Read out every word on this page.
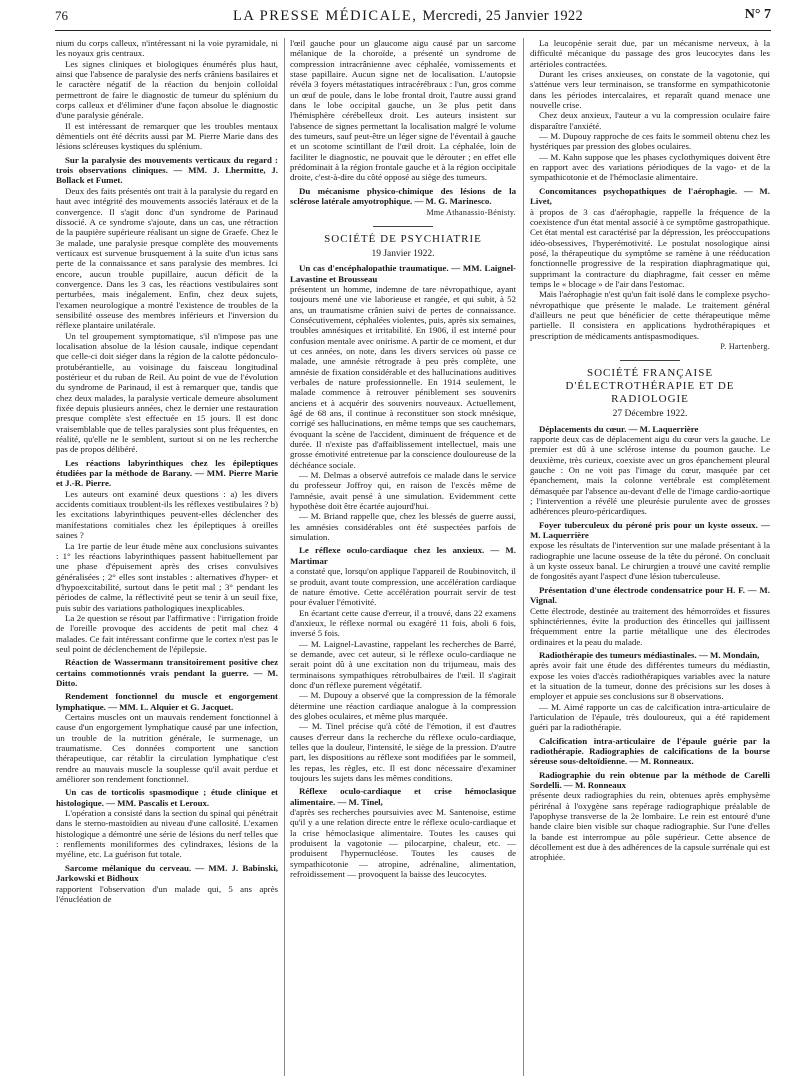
76	LA PRESSE MÉDICALE, Mercredi, 25 Janvier 1922	N° 7

nium du corps calleux, n'intéressant ni la voie pyramidale, ni les noyaux gris centraux.

Les signes cliniques et biologiques énumérés plus haut, ainsi que l'absence de paralysie des nerfs crâniens basilaires et le caractère négatif de la réaction du benjoin colloïdal permettront de faire le diagnostic de tumeur du splénium du corps calleux et d'éliminer d'une façon absolue le diagnostic d'une paralysie générale.

Il est intéressant de remarquer que les troubles mentaux démentiels ont été décrits aussi par M. Pierre Marie dans des lésions scléreuses kystiques du splénium.

Sur la paralysie des mouvements verticaux du regard : trois observations cliniques. — MM. J. Lhermitte, J. Bollack et Fumet.

Deux des faits présentés ont trait à la paralysie du regard en haut avec intégrité des mouvements associés latéraux et de la convergence. Il s'agit donc d'un syndrome de Parinaud dissocié. A ce syndrome s'ajoute, dans un cas, une rétraction de la paupière supérieure réalisant un signe de Graefe. Chez le 3e malade, une paralysie presque complète des mouvements verticaux est survenue brusquement à la suite d'un ictus sans perte de la connaissance et sans paralysie des membres. Ici encore, aucun trouble pupillaire, aucun déficit de la convergence. Dans les 3 cas, les réactions vestibulaires sont perturbées, mais inégalement. Enfin, chez deux sujets, l'examen neurologique a montré l'existence de troubles de la sensibilité osseuse des membres inférieurs et l'inversion du réflexe plantaire unilatérale.

Un tel groupement symptomatique, s'il n'impose pas une localisation absolue de la lésion causale, indique cependant que celle-ci doit siéger dans la région de la calotte pédonculo-protubérantielle, au voisinage du faisceau longitudinal postérieur et du ruban de Reil. Au point de vue de l'évolution du syndrome de Parinaud, il est à remarquer que, tandis que chez deux malades, la paralysie verticale demeure absolument fixée depuis plusieurs années, chez le dernier une restauration presque complète s'est effectuée en 15 jours. Il est donc vraisemblable que de telles paralysies sont plus fréquentes, en réalité, qu'elle ne le semblent, surtout si on ne les recherche pas de propos délibéré.

Les réactions labyrinthiques chez les épileptiques étudiées par la méthode de Barany. — MM. Pierre Marie et J.-R. Pierre.

Les auteurs ont examiné deux questions : a) les divers accidents comitiaux troublent-ils les réflexes vestibulaires ? b) les excitations labyrinthiques peuvent-elles déclencher des manifestations comitiales chez les épileptiques à oreilles saines ?

La 1re partie de leur étude mène aux conclusions suivantes : 1° les réactions labyrinthiques passent habituellement par une phase d'épuisement après des crises convulsives généralisées ; 2° elles sont instables : alternatives d'hyper- et d'hypoexcitabilité, surtout dans le petit mal ; 3° pendant les périodes de calme, la réflectivité peut se tenir à un seuil fixe, puis subir des variations pathologiques inexplicables.

La 2e question se résout par l'affirmative : l'irrigation froide de l'oreille provoque des accidents de petit mal chez 4 malades. Ce fait intéressant confirme que le cortex n'est pas le seul point de déclenchement de l'épilepsie.

Réaction de Wassermann transitoirement positive chez certains commotionnés vrais pendant la guerre. — M. Ditto.

Rendement fonctionnel du muscle et engorgement lymphatique. — MM. L. Alquier et G. Jacquet.

Certains muscles ont un mauvais rendement fonctionnel à cause d'un engorgement lymphatique causé par une infection, un trouble de la nutrition générale, le surmenage, un traumatisme. Ces données comportent une sanction thérapeutique, car rétablir la circulation lymphatique c'est rendre au mauvais muscle la souplesse qu'il avait perdue et améliorer son rendement fonctionnel.

Un cas de torticolis spasmodique ; étude clinique et histologique. — MM. Pascalis et Leroux.

L'opération a consisté dans la section du spinal qui pénétrait dans le sterno-mastoïdien au niveau d'une callosité. L'examen histologique a démontré une série de lésions du nerf telles que : renflements moniliformes des cylindraxes, lésions de la myéline, etc. La guérison fut totale.

Sarcome mélanique du cerveau. — MM. J. Babinski, Jarkowski et Bidhoux

rapportent l'observation d'un malade qui, 5 ans après l'énucléation de

l'œil gauche pour un glaucome aigu causé par un sarcome mélanique de la choroïde, a présenté un syndrome de compression intracrânienne avec céphalée, vomissements et stase papillaire. Aucun signe net de localisation. L'autopsie révéla 3 foyers métastatiques intracérébraux : l'un, gros comme un œuf de poule, dans le lobe frontal droit, l'autre aussi grand dans le lobe occipital gauche, un 3e plus petit dans l'hémisphère cérébelleux droit. Les auteurs insistent sur l'absence de signes permettant la localisation malgré le volume des tumeurs, sauf peut-être un léger signe de l'éventail à gauche et un scotome scintillant de l'œil droit. La céphalée, loin de faciliter le diagnostic, ne pouvait que le dérouter ; en effet elle prédominait à la région frontale gauche et à la région occipitale droite, c'est-à-dire du côté opposé au siège des tumeurs.

Du mécanisme physico-chimique des lésions de la sclérose latérale amyotrophique. — M. G. Marinesco.

Mme Athanassio-Bénisty.
SOCIÉTÉ DE PSYCHIATRIE
19 Janvier 1922.

Un cas d'encéphalopathie traumatique. — MM. Laignel-Lavastine et Brousseau

présentent un homme, indemne de tare névropathique, ayant toujours mené une vie laborieuse et rangée, et qui subit, à 52 ans, un traumatisme crânien suivi de pertes de connaissance. Consécutivement, céphalées violentes, puis, après six semaines, troubles amnésiques et irritabilité. En 1906, il est interné pour confusion mentale avec onirisme. A partir de ce moment, et dur ut ces années, on note, dans les divers services où passe ce malade, une amnésie rétrograde à peu près complète, une amnésie de fixation considérable et des hallucinations auditives verbales de nature professionnelle. En 1914 seulement, le malade commence à retrouver péniblement ses souvenirs anciens et à acquérir des souvenirs nouveaux. Actuellement, âgé de 68 ans, il continue à reconstituer son stock mnésique, corrigé ses hallucinations, en même temps que ses cauchemars, évoquant la scène de l'accident, diminuent de fréquence et de durée. Il n'existe pas d'affaiblissement intellectuel, mais une grosse émotivité entretenue par la conscience douloureuse de la déchéance sociale.

— M. Delmas a observé autrefois ce malade dans le service du professeur Joffroy qui, en raison de l'excès même de l'amnésie, avait pensé à une simulation. Evidemment cette hypothèse doit être écartée aujourd'hui.

— M. Briand rappelle que, chez les blessés de guerre aussi, les amnésies considérables ont été suspectées parfois de simulation.

Le réflexe oculo-cardiaque chez les anxieux. — M. Martimar

a constaté que, lorsqu'on applique l'appareil de Roubinovitch, il se produit, avant toute compression, une accélération cardiaque de nature émotive. Cette accélération pourrait servir de test pour évaluer l'émotivité.

En écartant cette cause d'erreur, il a trouvé, dans 22 examens d'anxieux, le réflexe normal ou exagéré 11 fois, aboli 6 fois, inversé 5 fois.

— M. Laignel-Lavastine, rappelant les recherches de Barré, se demande, avec cet auteur, si le réflexe oculo-cardiaque ne serait point dû à une excitation non du trijumeau, mais des terminaisons sympathiques rétrobulbaires de l'œil. Il s'agirait donc d'un réflexe purement végétatif.

— M. Dupouy a observé que la compression de la fémorale détermine une réaction cardiaque analogue à la compression des globes oculaires, et même plus marquée.

— M. Tinel précise qu'à côté de l'émotion, il est d'autres causes d'erreur dans la recherche du réflexe oculo-cardiaque, telles que la douleur, l'intensité, le siège de la pression. D'autre part, les dispositions au réflexe sont modifiées par le sommeil, les repas, les règles, etc. Il est donc nécessaire d'examiner toujours les sujets dans les mêmes conditions.

Réflexe oculo-cardiaque et crise hémoclasique alimentaire. — M. Tinel,

d'après ses recherches poursuivies avec M. Santenoise, estime qu'il y a une relation directe entre le réflexe oculo-cardiaque et la crise hémoclasique alimentaire. Toutes les causes qui produisent la vagotonie — pilocarpine, chaleur, etc. — produisent l'hypernucléose. Toutes les causes de sympathicotonie — atropine, adrénaline, alimentation, refroidissement — provoquent la baisse des leucocytes.

La leucopénie serait due, par un mécanisme nerveux, à la difficulté mécanique du passage des gros leucocytes dans les artérioles contractées.

Durant les crises anxieuses, on constate de la vagotonie, qui s'atténue vers leur terminaison, se transforme en sympathicotonie dans les périodes intercalaires, et reparaît quand menace une nouvelle crise.

Chez deux anxieux, l'auteur a vu la compression oculaire faire disparaître l'anxiété.

— M. Dupouy rapproche de ces faits le sommeil obtenu chez les hystériques par pression des globes oculaires.

— M. Kahn suppose que les phases cyclothymiques doivent être en rapport avec des variations périodiques de la vago- et de la sympathicotonie et de l'hémoclasie alimentaire.

Concomitances psychopathiques de l'aérophagie. — M. Livet,

à propos de 3 cas d'aérophagie, rappelle la fréquence de la coexistence d'un état mental associé à ce symptôme gastropathique. Cet état mental est caractérisé par la dépression, les préoccupations idéo-obsessives, l'hyperémotivité. Le postulat nosologique ainsi posé, la thérapeutique du symptôme se ramène à une rééducation fonctionnelle progressive de la respiration diaphragmatique qui, supprimant la contracture du diaphragme, fait cesser en même temps le « blocage » de l'air dans l'estomac.

Mais l'aérophagie n'est qu'un fait isolé dans le complexe psycho-névropathique que présente le malade. Le traitement général d'ailleurs ne peut que bénéficier de cette thérapeutique même partielle. Il consistera en applications hydrothérapiques et prescription de médicaments antispasmodiques.

P. Hartenberg.
SOCIÉTÉ FRANÇAISE D'ÉLECTROTHÉRAPIE ET DE RADIOLOGIE
27 Décembre 1922.

Déplacements du cœur. — M. Laquerrière

rapporte deux cas de déplacement aigu du cœur vers la gauche. Le premier est dû à une sclérose intense du poumon gauche. Le deuxième, très curieux, coexiste avec un gros épanchement pleural gauche : On ne voit pas l'image du cœur, masquée par cet épanchement, mais la colonne vertébrale est complètement démasquée par l'absence au-devant d'elle de l'image cardio-aortique ; l'intervention a révélé une pleurésie purulente avec de grosses adhérences pleuro-péricardiques.

Foyer tuberculeux du péroné pris pour un kyste osseux. — M. Laquerrière

expose les résultats de l'intervention sur une malade présentant à la radiographie une lacune osseuse de la tête du péroné. On concluait à un kyste osseux banal. Le chirurgien a trouvé une cavité remplie de fongosités ayant l'aspect d'une lésion tuberculeuse.

Présentation d'une électrode condensatrice pour H. F. — M. Vignal.

Cette électrode, destinée au traitement des hémorroïdes et fissures sphinctériennes, évite la production des étincelles qui jaillissent fréquemment entre la partie métallique une des électrodes ordinaires et la peau du malade.

Radiothérapie des tumeurs médiastinales. — M. Mondain,

après avoir fait une étude des différentes tumeurs du médiastin, expose les voies d'accès radiothérapiques variables avec la nature et la situation de la tumeur, donne des précisions sur les doses à employer et appuie ses conclusions sur 8 observations.

— M. Aimé rapporte un cas de calcification intra-articulaire de l'articulation de l'épaule, très douloureux, qui a été rapidement guéri par la radiothérapie.

Calcification intra-articulaire de l'épaule guérie par la radiothérapie. Radiographies de calcifications de la bourse séreuse sous-deltoïdienne. — M. Ronneaux.

Radiographie du rein obtenue par la méthode de Carelli Sordelli. — M. Ronneaux

présente deux radiographies du rein, obtenues après emphysème périrénal à l'oxygène sans repérage radiographique préalable de l'apophyse transverse de la 2e lombaire. Le rein est entouré d'une bande claire bien visible sur chaque radiographie. Sur l'une d'elles la bande est interrompue au pôle supérieur. Cette absence de décollement est due à des adhérences de la capsule surrénale qui est atrophiée.
